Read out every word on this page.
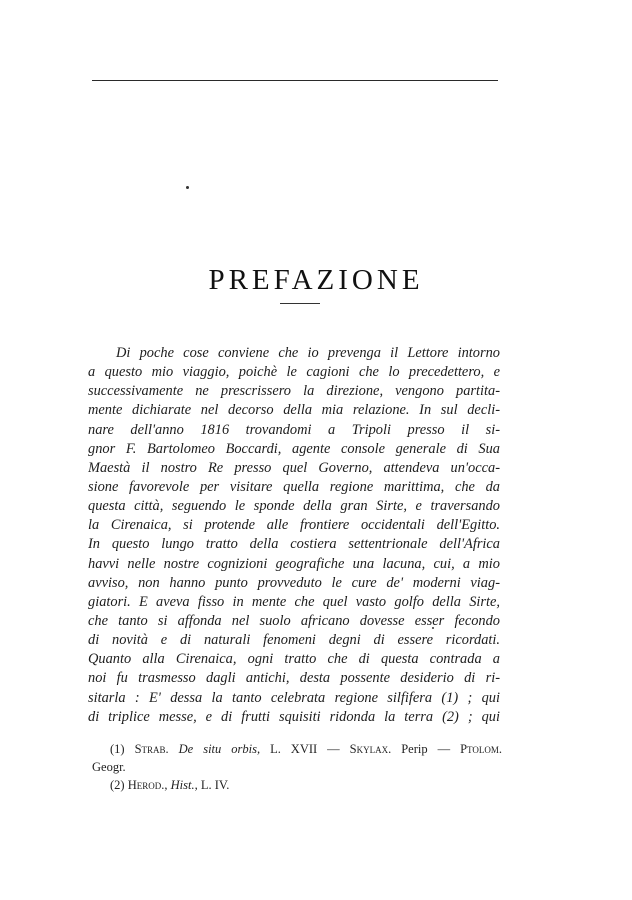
PREFAZIONE
Di poche cose conviene che io prevenga il Lettore intorno
a questo mio viaggio, poichè le cagioni che lo precedettero, e
successivamente ne prescrissero la direzione, vengono partita-
mente dichiarate nel decorso della mia relazione. In sul decli-
nare dell'anno 1816 trovandomi a Tripoli presso il si-
gnor F. Bartolomeo Boccardi, agente console generale di Sua
Maestà il nostro Re presso quel Governo, attendeva un'occa-
sione favorevole per visitare quella regione marittima, che da
questa città, seguendo le sponde della gran Sirte, e traversando
la Cirenaica, si protende alle frontiere occidentali dell'Egitto.
In questo lungo tratto della costiera settentrionale dell'Africa
havvi nelle nostre cognizioni geografiche una lacuna, cui, a mio
avviso, non hanno punto provveduto le cure de' moderni viag-
giatori. E aveva fisso in mente che quel vasto golfo della Sirte,
che tanto si affonda nel suolo africano dovesse esser fecondo
di novità e di naturali fenomeni degni di essere ricordati.
Quanto alla Cirenaica, ogni tratto che di questa contrada a
noi fu trasmesso dagli antichi, desta possente desiderio di ri-
sitarla : E' dessa la tanto celebrata regione silfifera (1) ; qui
di triplice messe, e di frutti squisiti ridonda la terra (2) ; qui
(1) Strab. De situ orbis, L. XVII — Skylax. Perip — Ptolom.
Geogr.
(2) Herod., Hist., L. IV.
